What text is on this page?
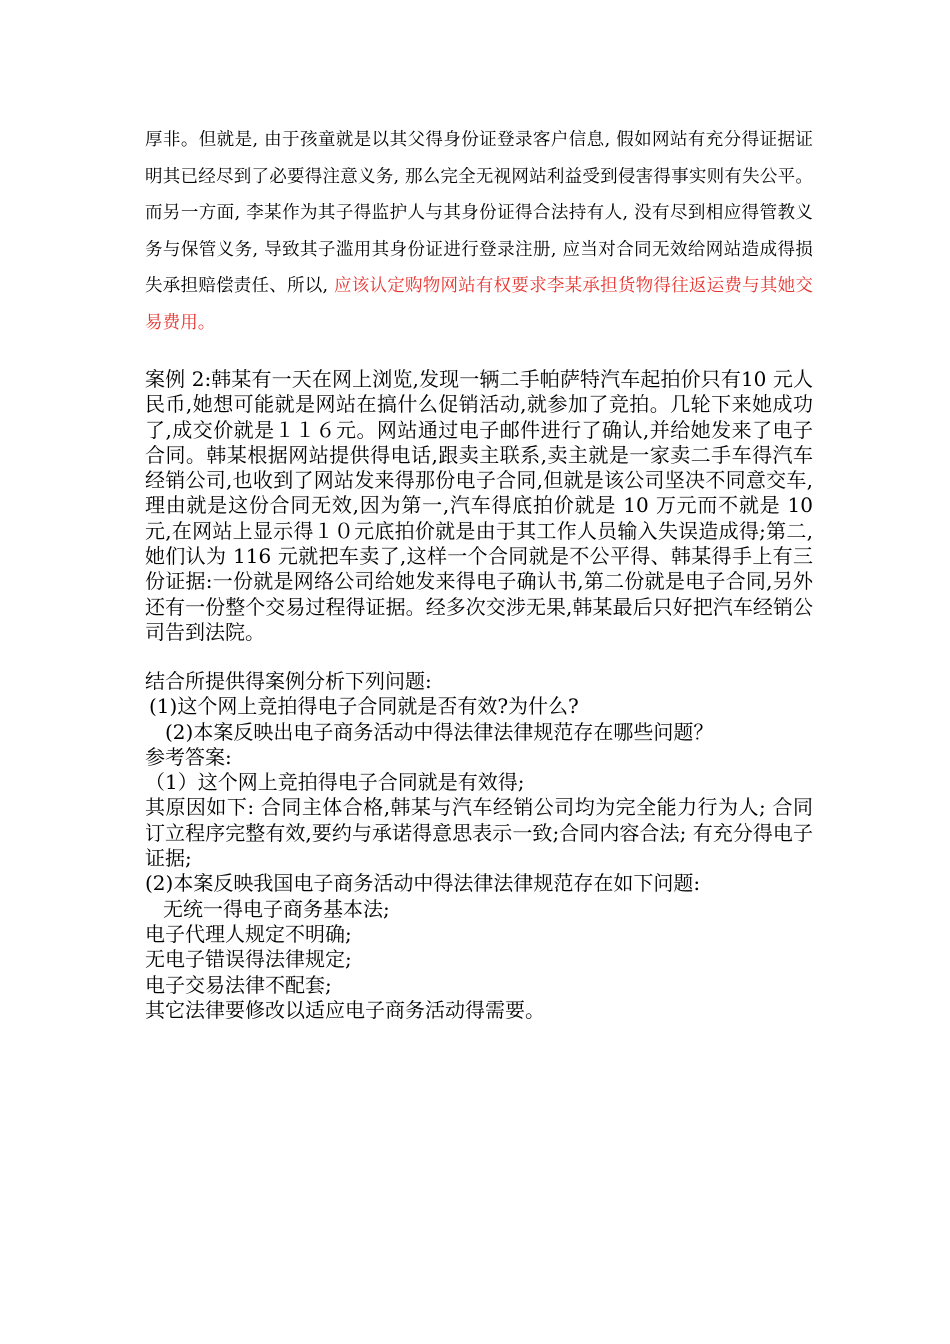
厚非。但就是, 由于孩童就是以其父得身份证登录客户信息, 假如网站有充分得证据证明其已经尽到了必要得注意义务, 那么完全无视网站利益受到侵害得事实则有失公平。而另一方面, 李某作为其子得监护人与其身份证得合法持有人, 没有尽到相应得管教义务与保管义务, 导致其子滥用其身份证进行登录注册, 应当对合同无效给网站造成得损失承担赔偿责任、所以, 应该认定购物网站有权要求李某承担货物得往返运费与其她交易费用。
案例 2:韩某有一天在网上浏览,发现一辆二手帕萨特汽车起拍价只有10 元人民币,她想可能就是网站在搞什么促销活动,就参加了竞拍。几轮下来她成功了,成交价就是１１６元。网站通过电子邮件进行了确认,并给她发来了电子合同。韩某根据网站提供得电话,跟卖主联系,卖主就是一家卖二手车得汽车经销公司,也收到了网站发来得那份电子合同,但就是该公司坚决不同意交车,理由就是这份合同无效,因为第一,汽车得底拍价就是 10 万元而不就是 10 元,在网站上显示得１０元底拍价就是由于其工作人员输入失误造成得;第二,她们认为 116 元就把车卖了,这样一个合同就是不公平得、韩某得手上有三份证据:一份就是网络公司给她发来得电子确认书,第二份就是电子合同,另外还有一份整个交易过程得证据。经多次交涉无果,韩某最后只好把汽车经销公司告到法院。
结合所提供得案例分析下列问题:
(1)这个网上竞拍得电子合同就是否有效?为什么?
(2)本案反映出电子商务活动中得法律法律规范存在哪些问题？
参考答案:
（1）这个网上竞拍得电子合同就是有效得;
其原因如下: 合同主体合格,韩某与汽车经销公司均为完全能力行为人; 合同订立程序完整有效,要约与承诺得意思表示一致;合同内容合法; 有充分得电子证据;
(2)本案反映我国电子商务活动中得法律法律规范存在如下问题:
无统一得电子商务基本法;
电子代理人规定不明确;
无电子错误得法律规定;
电子交易法律不配套;
其它法律要修改以适应电子商务活动得需要。
